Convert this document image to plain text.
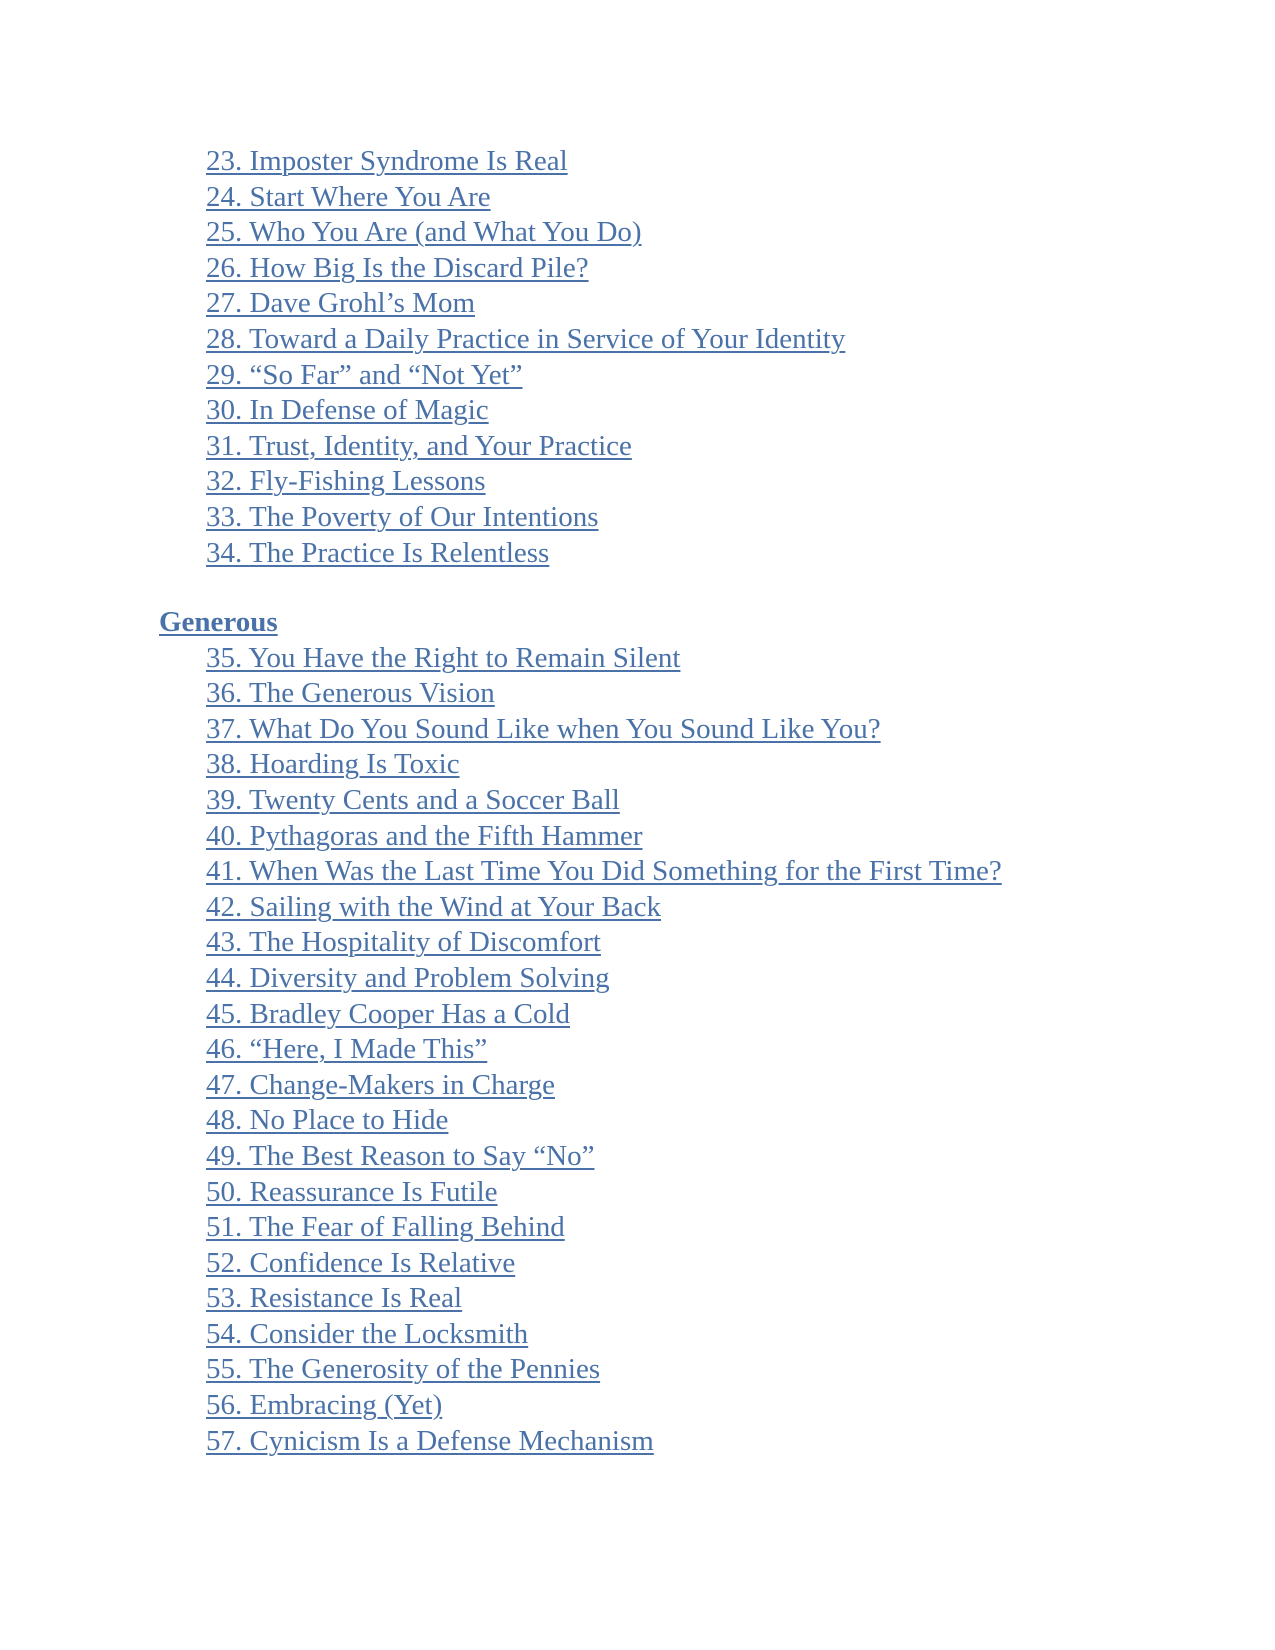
23. Imposter Syndrome Is Real
24. Start Where You Are
25. Who You Are (and What You Do)
26. How Big Is the Discard Pile?
27. Dave Grohl’s Mom
28. Toward a Daily Practice in Service of Your Identity
29. “So Far” and “Not Yet”
30. In Defense of Magic
31. Trust, Identity, and Your Practice
32. Fly-Fishing Lessons
33. The Poverty of Our Intentions
34. The Practice Is Relentless
Generous
35. You Have the Right to Remain Silent
36. The Generous Vision
37. What Do You Sound Like when You Sound Like You?
38. Hoarding Is Toxic
39. Twenty Cents and a Soccer Ball
40. Pythagoras and the Fifth Hammer
41. When Was the Last Time You Did Something for the First Time?
42. Sailing with the Wind at Your Back
43. The Hospitality of Discomfort
44. Diversity and Problem Solving
45. Bradley Cooper Has a Cold
46. “Here, I Made This”
47. Change-Makers in Charge
48. No Place to Hide
49. The Best Reason to Say “No”
50. Reassurance Is Futile
51. The Fear of Falling Behind
52. Confidence Is Relative
53. Resistance Is Real
54. Consider the Locksmith
55. The Generosity of the Pennies
56. Embracing (Yet)
57. Cynicism Is a Defense Mechanism
